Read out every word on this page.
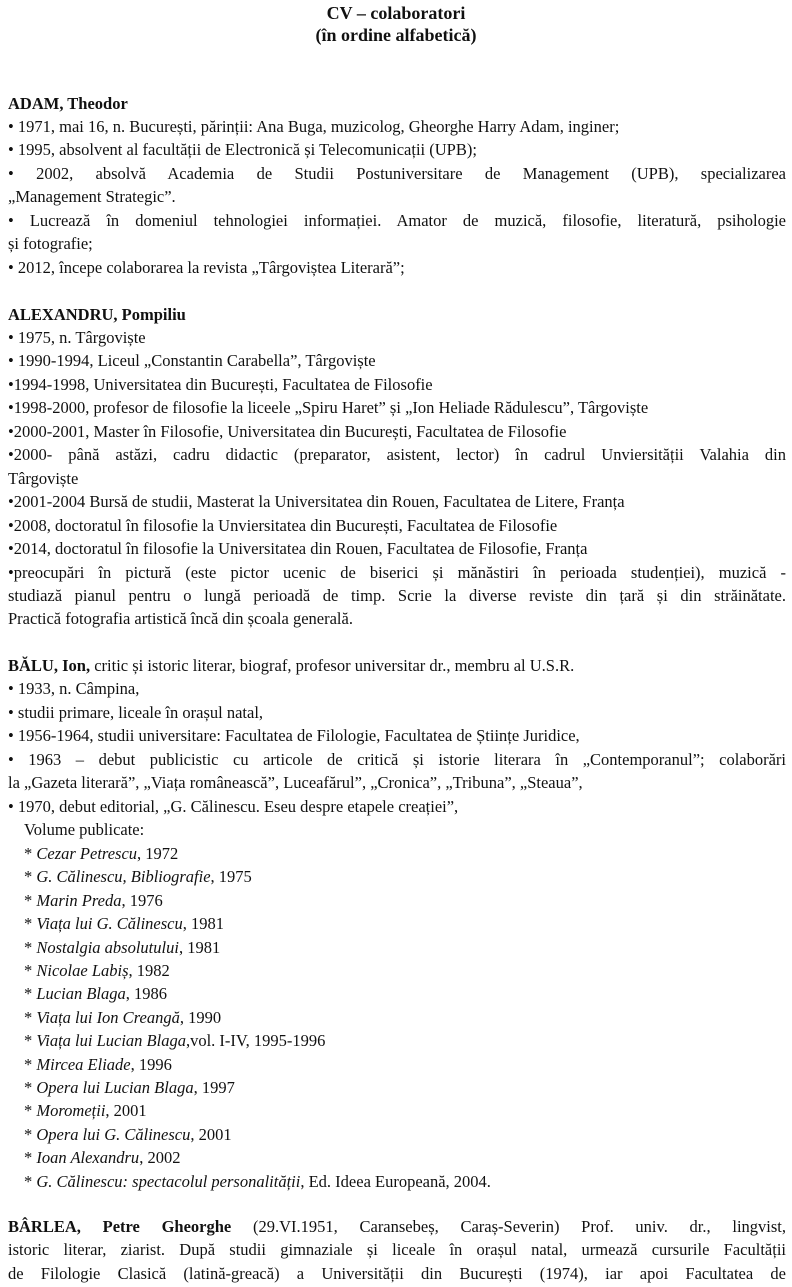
CV – colaboratori
(în ordine alfabetică)
ADAM, Theodor
• 1971, mai 16, n. București, părinții: Ana Buga, muzicolog, Gheorghe Harry Adam, inginer;
• 1995, absolvent al facultății de Electronică și Telecomunicații (UPB);
• 2002, absolvă Academia de Studii Postuniversitare de Management (UPB), specializarea
„Management Strategic”.
• Lucrează în domeniul tehnologiei informației. Amator de muzică, filosofie, literatură, psihologie
și fotografie;
• 2012, începe colaborarea la revista „Târgoviștea Literară”;
ALEXANDRU, Pompiliu
• 1975, n. Târgoviște
• 1990-1994, Liceul „Constantin Carabella”, Târgoviște
•1994-1998, Universitatea din București, Facultatea de Filosofie
•1998-2000, profesor de filosofie la liceele „Spiru Haret” și „Ion Heliade Rădulescu”, Târgoviște
•2000-2001, Master în Filosofie, Universitatea din București, Facultatea de Filosofie
•2000- până astăzi, cadru didactic (preparator, asistent, lector) în cadrul Unviersității Valahia din
Târgoviște
•2001-2004 Bursă de studii, Masterat la Universitatea din Rouen, Facultatea de Litere, Franța
•2008, doctoratul în filosofie la Unviersitatea din București, Facultatea de Filosofie
•2014, doctoratul în filosofie la Universitatea din Rouen, Facultatea de Filosofie, Franța
•preocupări în pictură (este pictor ucenic de biserici și mănăstiri în perioada studenției), muzică -
studiază pianul pentru o lungă perioadă de timp. Scrie la diverse reviste din țară și din străinătate.
Practică fotografia artistică încă din școala generală.
BĂLU, Ion, critic și istoric literar, biograf, profesor universitar dr., membru al U.S.R.
• 1933, n. Câmpina,
• studii primare, liceale în orașul natal,
• 1956-1964, studii universitare: Facultatea de Filologie, Facultatea de Științe Juridice,
• 1963 – debut publicistic cu articole de critică și istorie literara în „Contemporanul”; colaborări
la „Gazeta literară”, „Viața românească”, Luceafărul”, „Cronica”, „Tribuna”, „Steaua”,
• 1970, debut editorial, „G. Călinescu. Eseu despre etapele creației”,
Volume publicate:
* Cezar Petrescu, 1972
* G. Călinescu, Bibliografie, 1975
* Marin Preda, 1976
* Viața lui G. Călinescu, 1981
* Nostalgia absolutului, 1981
* Nicolae Labiș, 1982
* Lucian Blaga, 1986
* Viața lui Ion Creangă, 1990
* Viața lui Lucian Blaga,vol. I-IV, 1995-1996
* Mircea Eliade, 1996
* Opera lui Lucian Blaga, 1997
* Moromeții, 2001
* Opera lui G. Călinescu, 2001
* Ioan Alexandru, 2002
* G. Călinescu: spectacolul personalității, Ed. Ideea Europeană, 2004.
BÂRLEA, Petre Gheorghe (29.VI.1951, Caransebeș, Caraș-Severin) Prof. univ. dr., lingvist,
istoric literar, ziarist. După studii gimnaziale și liceale în orașul natal, urmează cursurile Facultății
de Filologie Clasică (latină-greacă) a Universității din București (1974), iar apoi Facultatea de
